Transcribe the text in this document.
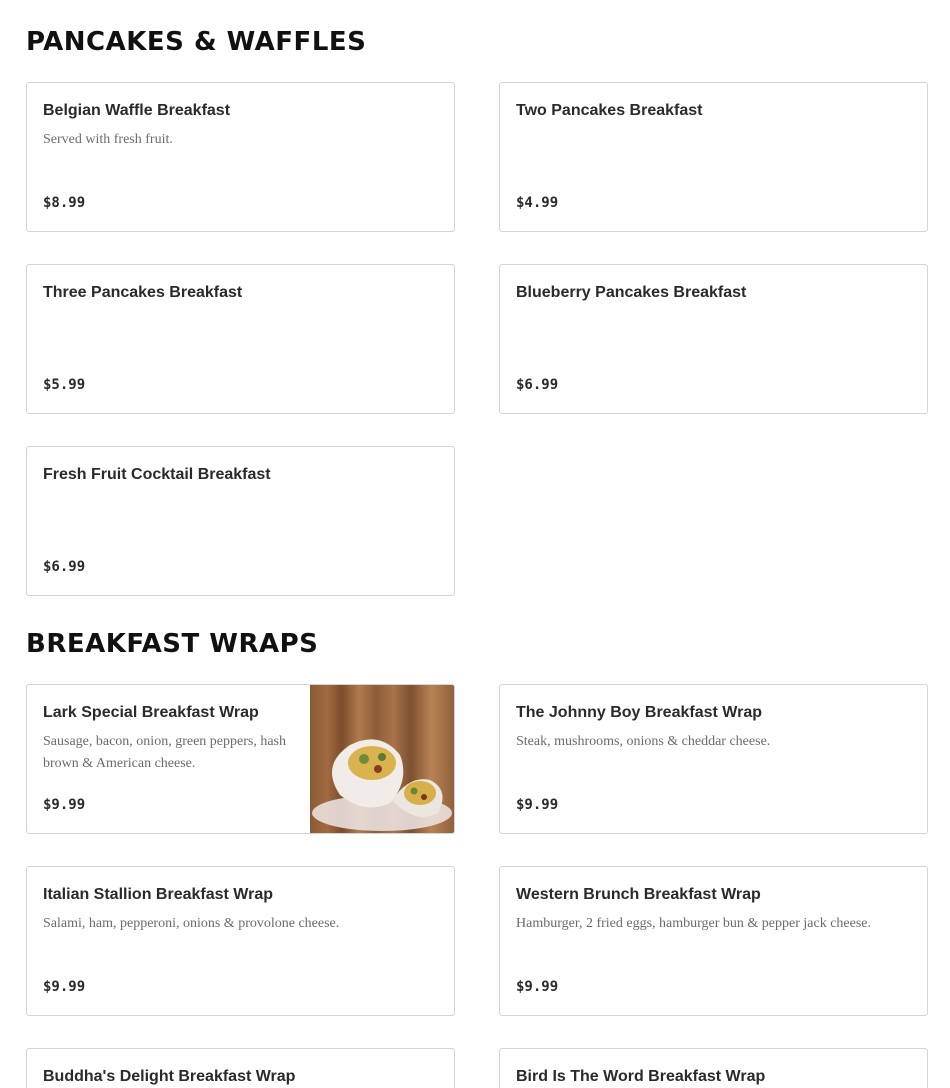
PANCAKES & WAFFLES
Belgian Waffle Breakfast
Served with fresh fruit.
$8.99
Two Pancakes Breakfast
$4.99
Three Pancakes Breakfast
$5.99
Blueberry Pancakes Breakfast
$6.99
Fresh Fruit Cocktail Breakfast
$6.99
BREAKFAST WRAPS
Lark Special Breakfast Wrap
Sausage, bacon, onion, green peppers, hash brown & American cheese.
$9.99
The Johnny Boy Breakfast Wrap
Steak, mushrooms, onions & cheddar cheese.
$9.99
Italian Stallion Breakfast Wrap
Salami, ham, pepperoni, onions & provolone cheese.
$9.99
Western Brunch Breakfast Wrap
Hamburger, 2 fried eggs, hamburger bun & pepper jack cheese.
$9.99
Buddha's Delight Breakfast Wrap	Bird Is The Word Breakfast Wrap
